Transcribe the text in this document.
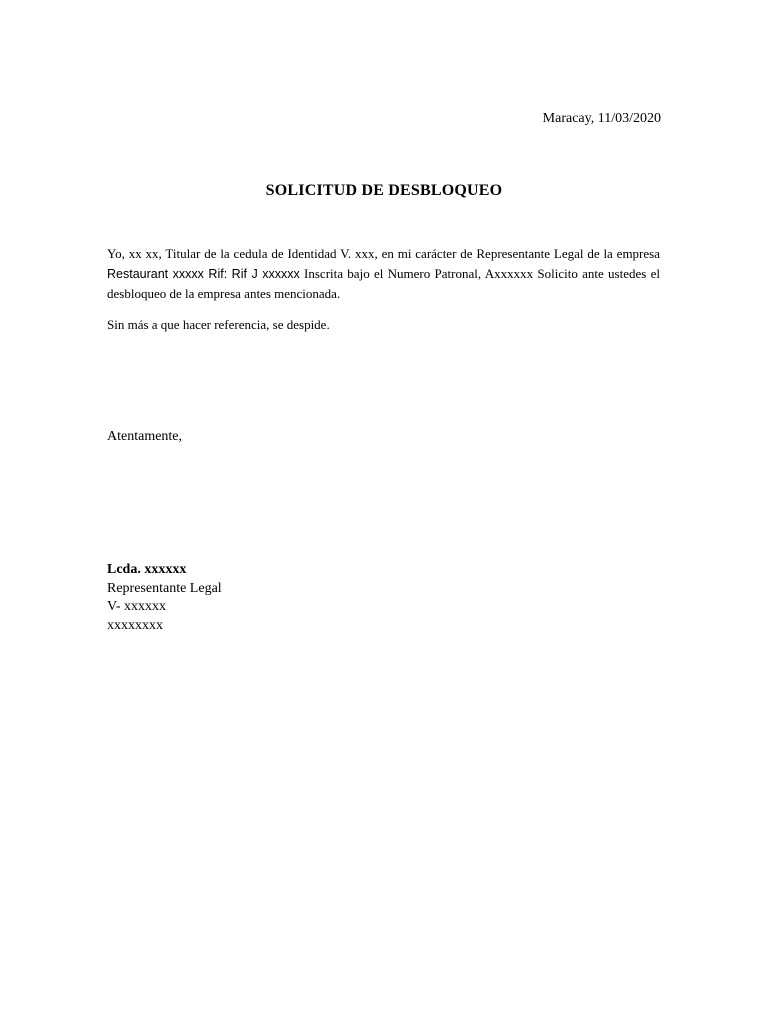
Maracay, 11/03/2020
SOLICITUD DE DESBLOQUEO
Yo, xx xx, Titular de la cedula de Identidad V. xxx, en mi carácter de Representante Legal de la empresa Restaurant xxxxx Rif: Rif J xxxxxx Inscrita bajo el Numero Patronal, Axxxxxx Solicito ante ustedes el desbloqueo de la empresa antes mencionada.
Sin más a que hacer referencia, se despide.
Atentamente,
Lcda. xxxxxx
Representante Legal
V- xxxxxx
xxxxxxxx
